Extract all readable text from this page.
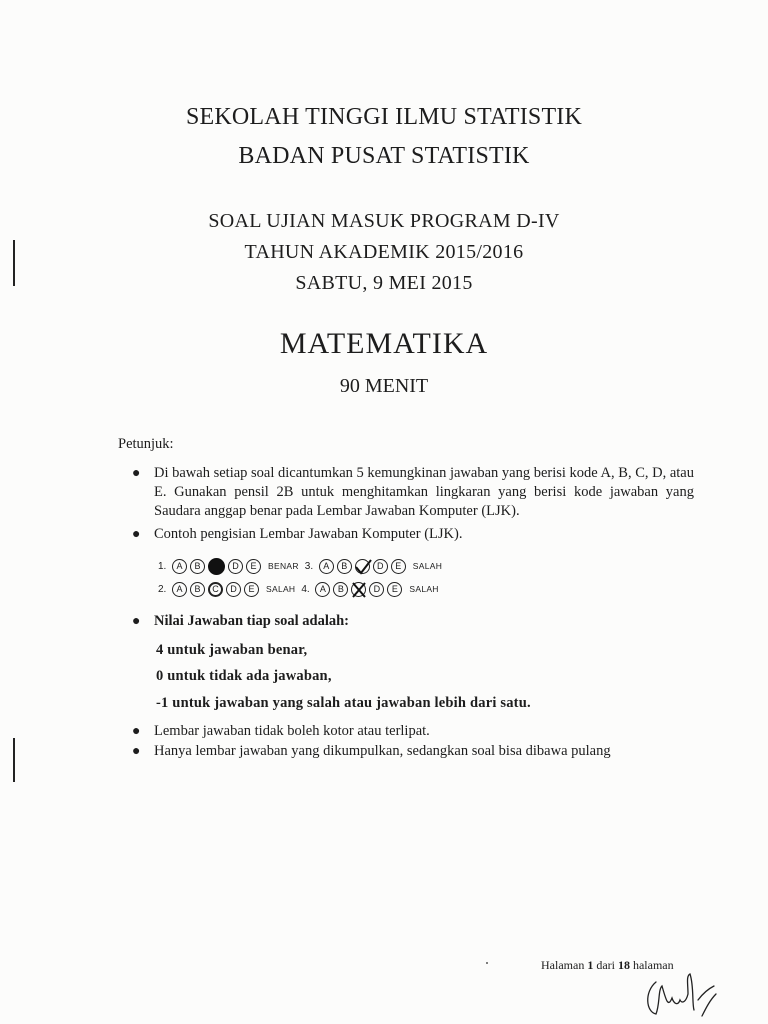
SEKOLAH TINGGI ILMU STATISTIK
BADAN PUSAT STATISTIK
SOAL UJIAN MASUK PROGRAM D-IV
TAHUN AKADEMIK 2015/2016
SABTU, 9 MEI 2015
MATEMATIKA
90 MENIT
Petunjuk:
● Di bawah setiap soal dicantumkan 5 kemungkinan jawaban yang berisi kode A, B, C, D, atau E. Gunakan pensil 2B untuk menghitamkan lingkaran yang berisi kode jawaban yang Saudara anggap benar pada Lembar Jawaban Komputer (LJK).
● Contoh pengisian Lembar Jawaban Komputer (LJK).
1.	A	B	D	E	BENAR 3.	A	B	D	E	SALAH
2.	A	B	C	D	E	SALAH 4.	A	B	D	E	SALAH
● Nilai Jawaban tiap soal adalah:
4 untuk jawaban benar,
0 untuk tidak ada jawaban,
-1 untuk jawaban yang salah atau jawaban lebih dari satu.
● Lembar jawaban tidak boleh kotor atau terlipat.
● Hanya lembar jawaban yang dikumpulkan, sedangkan soal bisa dibawa pulang
Halaman 1 dari 18 halaman
